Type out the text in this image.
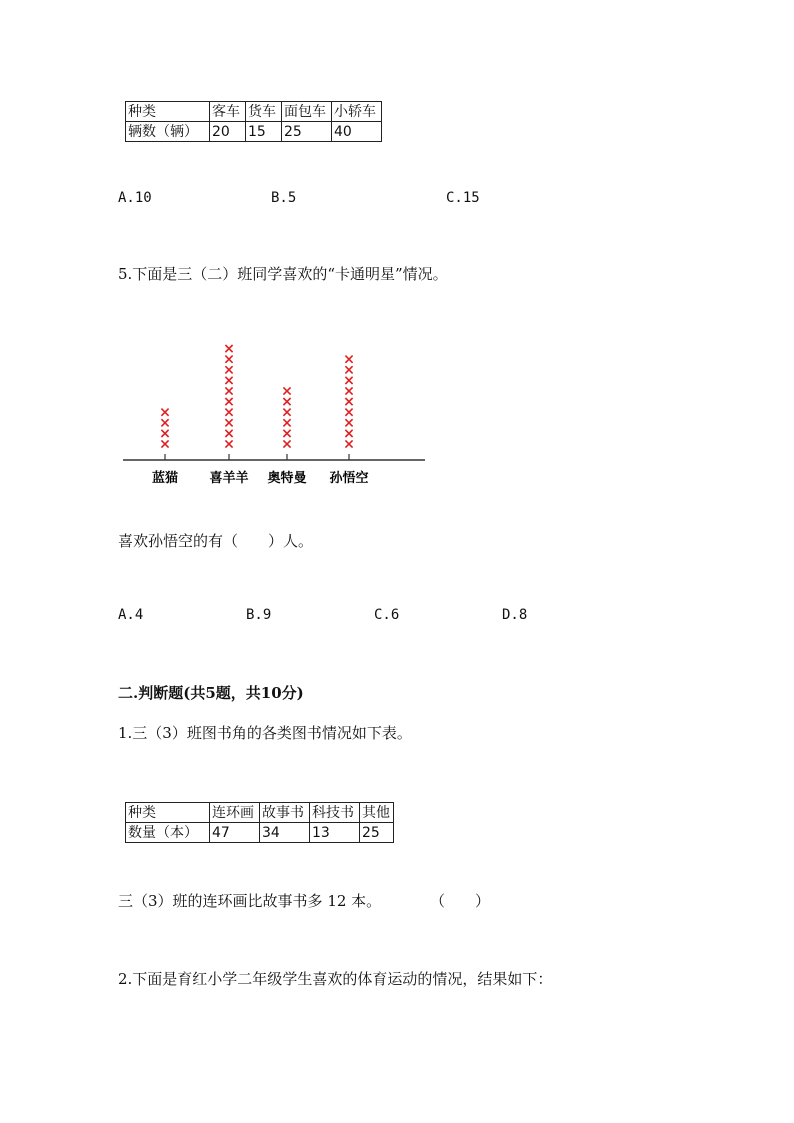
种类	客车	货车	面包车	小轿车
辆数（辆）	20	15	25	40
A.10	B.5	C.15
5.下面是三（二）班同学喜欢的“卡通明星”情况。
蓝猫 喜羊羊 奥特曼 孙悟空
喜欢孙悟空的有（　　）人。
A.4	B.9	C.6	D.8
二.判断题(共5题，共10分)
1.三（3）班图书角的各类图书情况如下表。
种类	连环画	故事书	科技书	其他
数量（本）	47	34	13	25
三（3）班的连环画比故事书多 12 本。	（　　）
2.下面是育红小学二年级学生喜欢的体育运动的情况，结果如下：
